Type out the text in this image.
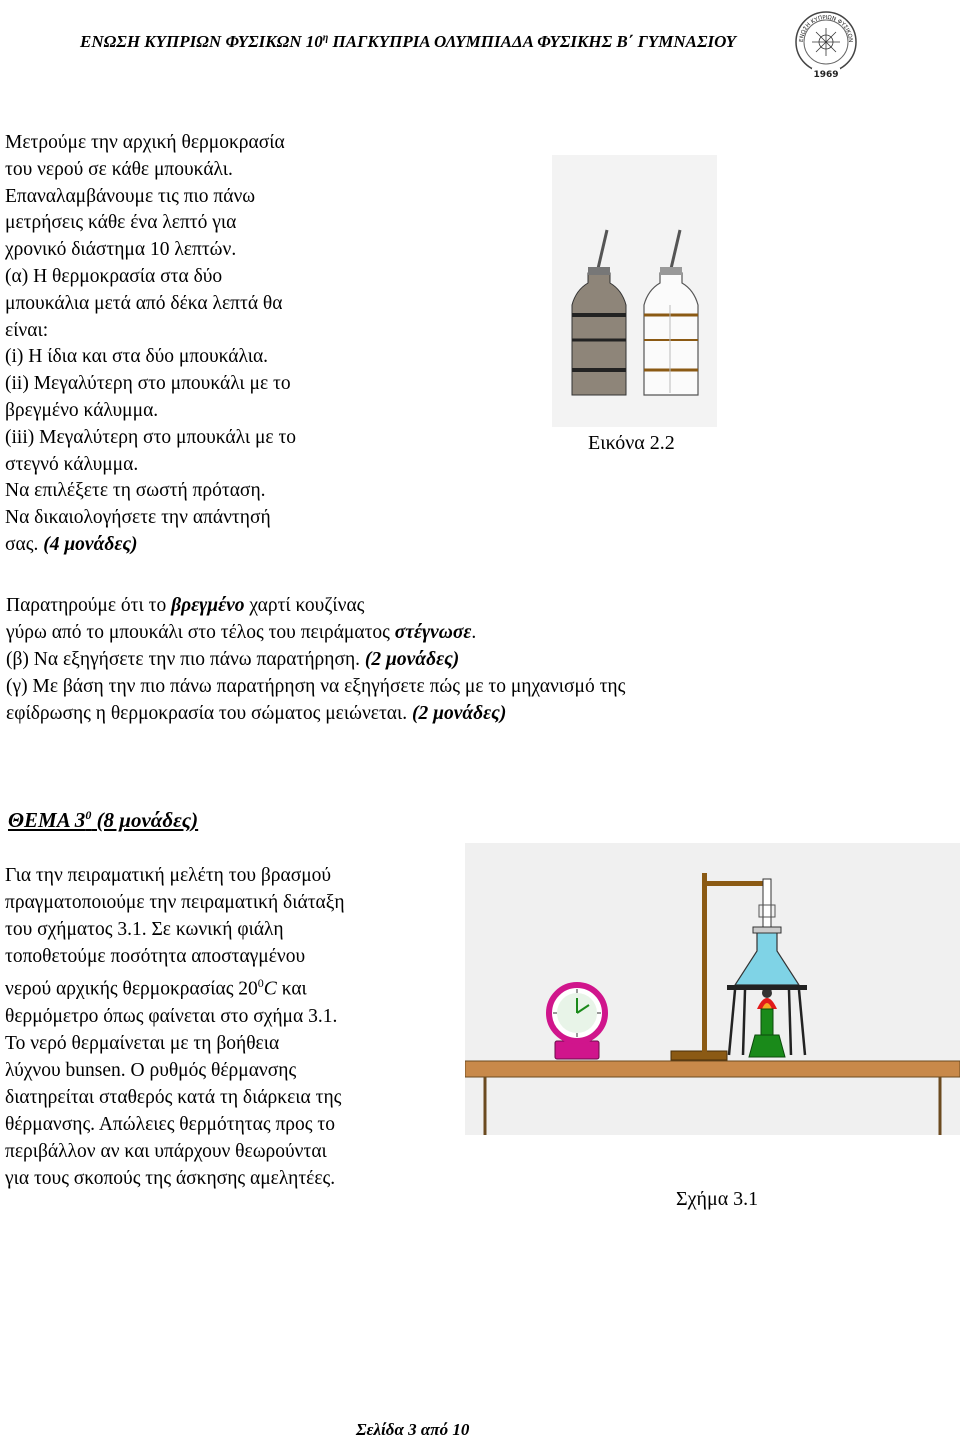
ΕΝΩΣΗ ΚΥΠΡΙΩΝ ΦΥΣΙΚΩΝ $10^\eta$ ΠΑΓΚΥΠΡΙΑ ΟΛΥΜΠΙΑΔΑ ΦΥΣΙΚΗΣ Β΄ ΓΥΜΝΑΣΙΟΥ	ΕΝΩΣΗ ΚΥΠΡΙΩΝ ΦΥΣΙΚΩΝ
1969

Μετρούμε την αρχική θερμοκρασία

του νερού σε κάθε μπουκάλι.

Επαναλαμβάνουμε τις πιο πάνω

μετρήσεις κάθε ένα λεπτό για

χρονικό διάστημα 10 λεπτών.

(α) Η θερμοκρασία στα δύο

μπουκάλια μετά από δέκα λεπτά θα

είναι:

(i) Η ίδια και στα δύο μπουκάλια.

(ii) Μεγαλύτερη στο μπουκάλι με το

βρεγμένο κάλυμμα.

(iii) Μεγαλύτερη στο μπουκάλι με το

στεγνό κάλυμμα.

Να επιλέξετε τη σωστή πρόταση.

Να δικαιολογήσετε την απάντησή

σας. (4 μονάδες)

Εικόνα 2.2

Παρατηρούμε ότι το βρεγμένο χαρτί κουζίνας

γύρω από το μπουκάλι στο τέλος του πειράματος στέγνωσε.

(β) Να εξηγήσετε την πιο πάνω παρατήρηση. (2 μονάδες)

(γ) Με βάση την πιο πάνω παρατήρηση να εξηγήσετε πώς με το μηχανισμό της

εφίδρωσης η θερμοκρασία του σώματος μειώνεται. (2 μονάδες)

ΘΕΜΑ $3^0$ (8 μονάδες)

Για την πειραματική μελέτη του βρασμού

πραγματοποιούμε την πειραματική διάταξη

του σχήματος 3.1. Σε κωνική φιάλη

τοποθετούμε ποσότητα αποσταγμένου

νερού αρχικής θερμοκρασίας $20^0C$ και

θερμόμετρο όπως φαίνεται στο σχήμα 3.1.

Το νερό θερμαίνεται με τη βοήθεια

λύχνου bunsen. Ο ρυθμός θέρμανσης

διατηρείται σταθερός κατά τη διάρκεια της

θέρμανσης. Απώλειες θερμότητας προς το

περιβάλλον αν και υπάρχουν θεωρούνται

για τους σκοπούς της άσκησης αμελητέες.

Σχήμα 3.1
Σελίδα 3 από 10
